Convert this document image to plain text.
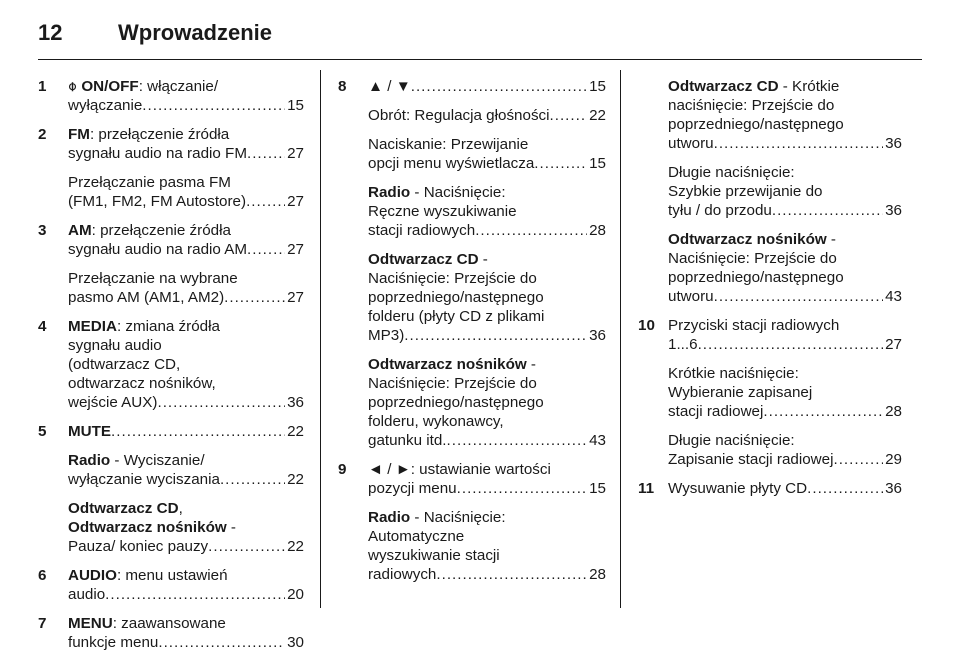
12	Wprowadzenie
1 ⌽ ON/OFF: włączanie/
wyłączanie .....	15
2 FM: przełączenie źródła
sygnału audio na radio FM .....	27
Przełączanie pasma FM
(FM1, FM2, FM Autostore) .....	27
3 AM: przełączenie źródła
sygnału audio na radio AM .....	27
Przełączanie na wybrane
pasmo AM (AM1, AM2) .....	27
4 MEDIA: zmiana źródła
sygnału audio
(odtwarzacz CD,
odtwarzacz nośników,
wejście AUX) .....	36
5 MUTE .....	22
Radio - Wyciszanie/
wyłączanie wyciszania .....	22
Odtwarzacz CD,
Odtwarzacz nośników -
Pauza/ koniec pauzy .....	22
6 AUDIO: menu ustawień
audio .....	20
7 MENU: zaawansowane
funkcje menu .....	30
8 ▲ / ▼ .....	15
Obrót: Regulacja głośności .....	22
Naciskanie: Przewijanie
opcji menu wyświetlacza .....	15
Radio - Naciśnięcie:
Ręczne wyszukiwanie
stacji radiowych .....	28
Odtwarzacz CD -
Naciśnięcie: Przejście do
poprzedniego/następnego
folderu (płyty CD z plikami
MP3) .....	36
Odtwarzacz nośników -
Naciśnięcie: Przejście do
poprzedniego/następnego
folderu, wykonawcy,
gatunku itd. .....	43
9 ◄ / ►: ustawianie wartości
pozycji menu .....	15
Radio - Naciśnięcie:
Automatyczne
wyszukiwanie stacji
radiowych .....	28
Odtwarzacz CD - Krótkie
naciśnięcie: Przejście do
poprzedniego/następnego
utworu .....	36
Długie naciśnięcie:
Szybkie przewijanie do
tyłu / do przodu .....	36
Odtwarzacz nośników -
Naciśnięcie: Przejście do
poprzedniego/następnego
utworu .....	43
10 Przyciski stacji radiowych
1...6 .....	27
Krótkie naciśnięcie:
Wybieranie zapisanej
stacji radiowej .....	28
Długie naciśnięcie:
Zapisanie stacji radiowej .....	29
11 Wysuwanie płyty CD .....	36
